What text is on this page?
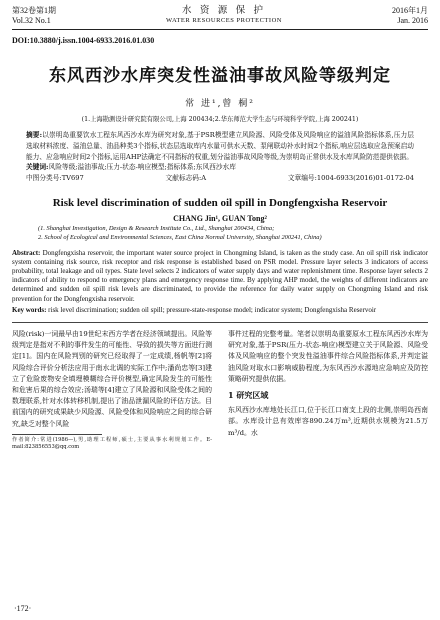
第32卷第1期
Vol.32 No.1
水 资 源 保 护
WATER RESOURCES PROTECTION
2016年1月
Jan. 2016
DOI:10.3880/j.issn.1004-6933.2016.01.030
东风西沙水库突发性溢油事故风险等级判定
常 进¹,曾 桐²
(1.上海勘测设计研究院有限公司,上海 200434;2.华东师范大学生态与环境科学学院,上海 200241)
摘要:以崇明岛重要饮水工程东风西沙水库为研究对象,基于PSR模型建立风险源、风险受体及风险响应的溢油风险指标体系,压力层选取材料浓度、溢油总量、油品种类3个指标,状态层选取库内水量可供水天数、泵闸联动补水时间2个指标,响应层选取应急预案启动能力、应急响应时间2个指标,运用AHP法确定不同指标的权重,划分溢油事故风险等级,为崇明岛正常供水及水库风险防范提供依据。
关键词:风险等级;溢油事故;压力-状态-响应模型;指标体系;东风西沙水库
中图分类号:TV697	文献标志码:A	文章编号:1004-6933(2016)01-0172-04
Risk level discrimination of sudden oil spill in Dongfengxisha Reservoir
CHANG Jin¹, GUAN Tong²
(1. Shanghai Investigation, Design & Research Institute Co., Ltd., Shanghai 200434, China;
2. School of Ecological and Environmental Sciences, East China Normal University, Shanghai 200241, China)
Abstract: Dongfengxisha reservoir, the important water source project in Chongming Island, is taken as the study case. An oil spill risk indicator system containing risk source, risk receptor and risk response is established based on PSR model. Pressure layer selects 3 indicators of access probability, total leakage and oil types. State level selects 2 indicators of water supply days and water replenishment time. Response layer selects 2 indicators of ability to respond to emergency plans and emergency response time. By applying AHP model, the weights of different indicators are determined and sudden oil spill risk levels are discriminated, to provide the reference for daily water supply on Chongming Island and risk prevention for the Dongfengxisha reservoir.
Key words: risk level discrimination; sudden oil spill; pressure-state-response model; indicator system; Dongfengxisha Reservoir
风险(risk)一词最早由19世纪末西方学者在经济领域提出。风险等级判定是指对不利的事件发生的可能性、导致的损失等方面进行测定[1]。国内在风险判别的研究已经取得了一定成绩,杨帆等[2]将风险综合评价分析法应用于南水北调的实际工作中;潘尚忠等[3]建立了危险废物安全填埋模糊综合评价模型,确定风险发生的可能性和危害后果的综合效应;汤瑞等[4]建立了风险源和风险受体之间的数理联系,针对水体转移机制,提出了油品泄漏风险的评估方法。目前国内的研究成果缺少风险源、风险受体和风险响应之间的综合研究,缺乏对整个风险
作者简介:常进(1986—),男,助理工程师,硕士,主要从事水利规划工作。E-mail:823856553@qq.com
事件过程的完整考量。笔者以崇明岛重要原水工程东风西沙水库为研究对象,基于PSR(压力-状态-响应)模型建立关于风险源、风险受体及风险响应的整个突发性溢油事件综合风险指标体系,并判定溢油风险对取水口影响威胁程度,为东风西沙水源地应急响应及防控策略研究提供依据。
1 研究区域
东风西沙水库地处长江口,位于长江口南支上段的北侧,崇明岛西南部。水库设计总有效库容890.24万m³,近期供水规模为21.5万m³/d。水
·172·
